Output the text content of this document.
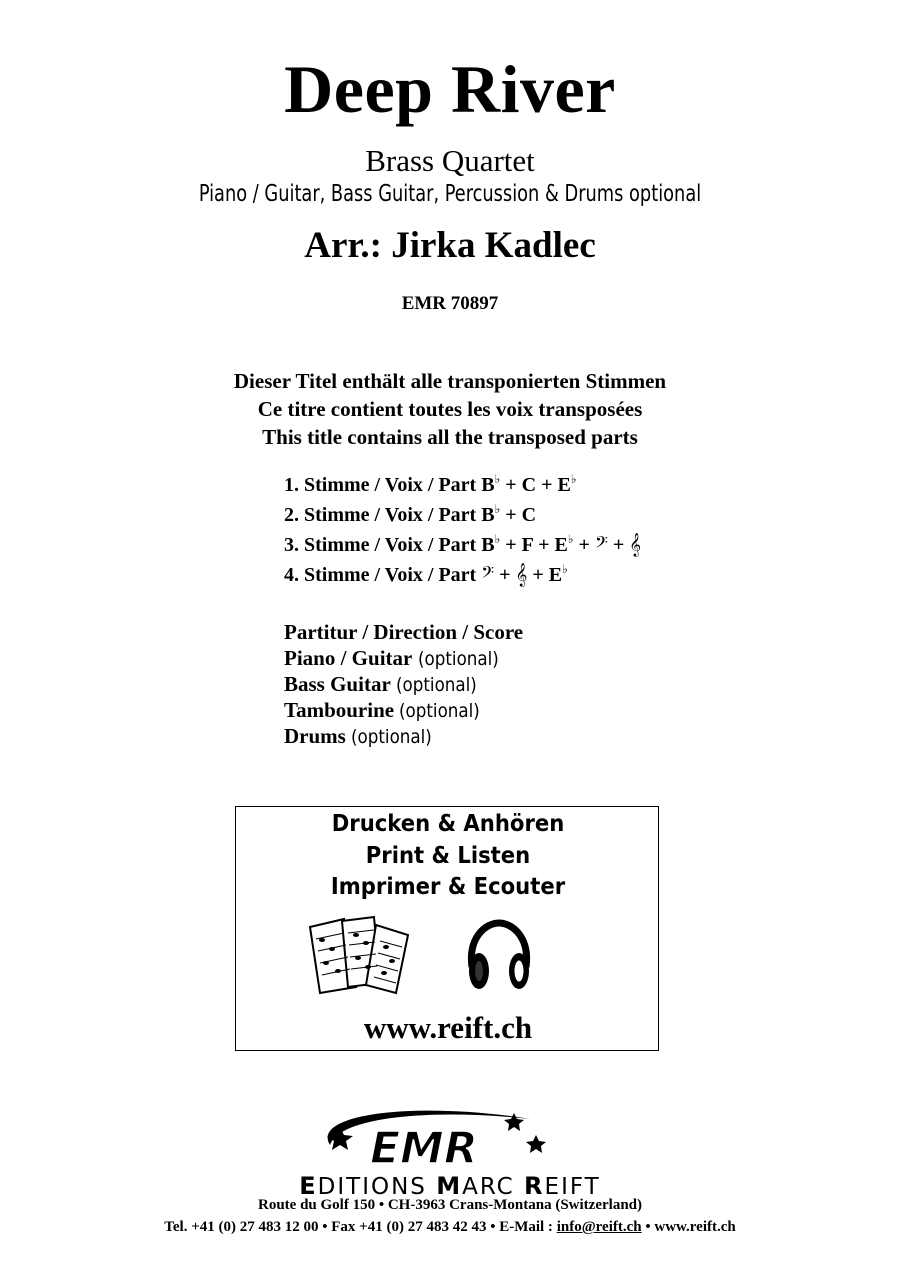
Deep River
Brass Quartet
Piano / Guitar, Bass Guitar, Percussion & Drums optional
Arr.: Jirka Kadlec
EMR 70897
Dieser Titel enthält alle transponierten Stimmen
Ce titre contient toutes les voix transposées
This title contains all the transposed parts
1. Stimme / Voix / Part B♭ + C + E♭
2. Stimme / Voix / Part B♭ + C
3. Stimme / Voix / Part B♭ + F + E♭ + 𝄢 + 𝄞
4. Stimme / Voix / Part 𝄢 + 𝄞 + E♭
Partitur / Direction / Score
Piano / Guitar (optional)
Bass Guitar (optional)
Tambourine (optional)
Drums (optional)
Drucken & Anhören
Print & Listen
Imprimer & Ecouter
www.reift.ch
EMR
EDITIONS MARC REIFT
Route du Golf 150 • CH-3963 Crans-Montana (Switzerland)
Tel. +41 (0) 27 483 12 00 • Fax +41 (0) 27 483 42 43 • E-Mail : info@reift.ch • www.reift.ch
